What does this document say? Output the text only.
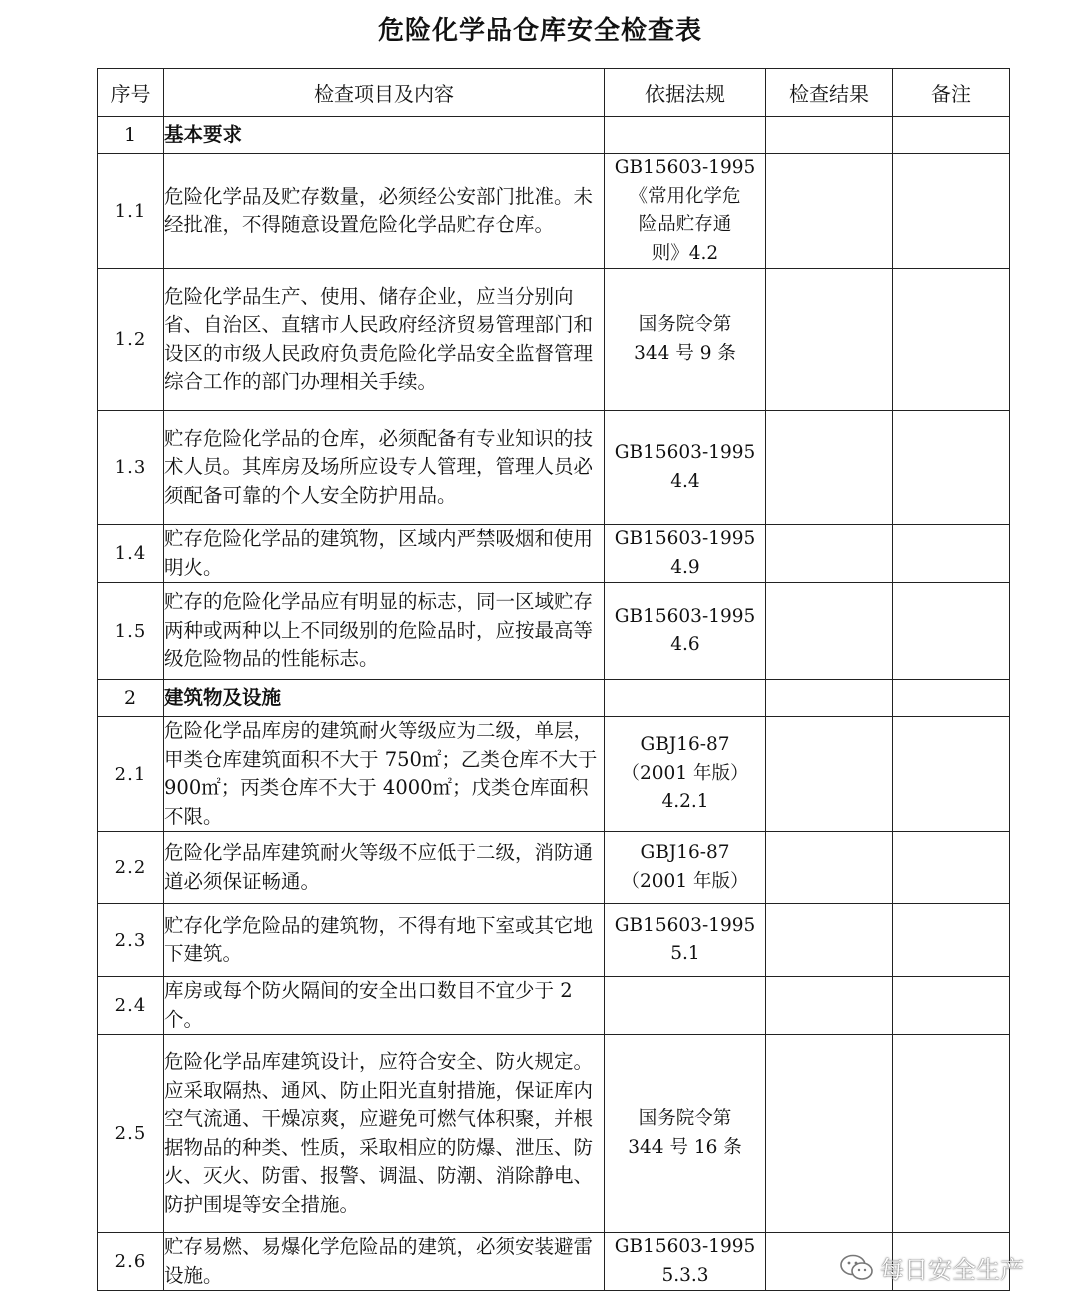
危险化学品仓库安全检查表
序号	检查项目及内容	依据法规	检查结果	备注
1	基本要求			
1.1	危险化学品及贮存数量，必须经公安部门批准。未经批准，不得随意设置危险化学品贮存仓库。	GB15603-1995
《常用化学危
险品贮存通
则》4.2		

1.2	危险化学品生产、使用、储存企业，应当分别向省、自治区、直辖市人民政府经济贸易管理部门和设区的市级人民政府负责危险化学品安全监督管理综合工作的部门办理相关手续。	国务院令第
344 号 9 条		

1.3	贮存危险化学品的仓库，必须配备有专业知识的技术人员。其库房及场所应设专人管理，管理人员必须配备可靠的个人安全防护用品。	GB15603-1995
4.4		

1.4	贮存危险化学品的建筑物，区域内严禁吸烟和使用明火。	GB15603-1995
4.9		

1.5	贮存的危险化学品应有明显的标志，同一区域贮存两种或两种以上不同级别的危险品时，应按最高等级危险物品的性能标志。	GB15603-1995
4.6		

2	建筑物及设施			
2.1	危险化学品库房的建筑耐火等级应为二级，单层，甲类仓库建筑面积不大于 750㎡；乙类仓库不大于 900㎡；丙类仓库不大于 4000㎡；戊类仓库面积不限。	GBJ16-87
（2001 年版）
4.2.1		

2.2	危险化学品库建筑耐火等级不应低于二级，消防通道必须保证畅通。	GBJ16-87
（2001 年版）		

2.3	贮存化学危险品的建筑物，不得有地下室或其它地下建筑。	GB15603-1995
5.1		

2.4	库房或每个防火隔间的安全出口数目不宜少于 2 个。			
2.5	危险化学品库建筑设计，应符合安全、防火规定。应采取隔热、通风、防止阳光直射措施，保证库内空气流通、干燥凉爽，应避免可燃气体积聚，并根据物品的种类、性质，采取相应的防爆、泄压、防火、灭火、防雷、报警、调温、防潮、消除静电、防护围堤等安全措施。	国务院令第
344 号 16 条		

2.6	贮存易燃、易爆化学危险品的建筑，必须安装避雷设施。	GB15603-1995
5.3.3		
			每日安全生产
